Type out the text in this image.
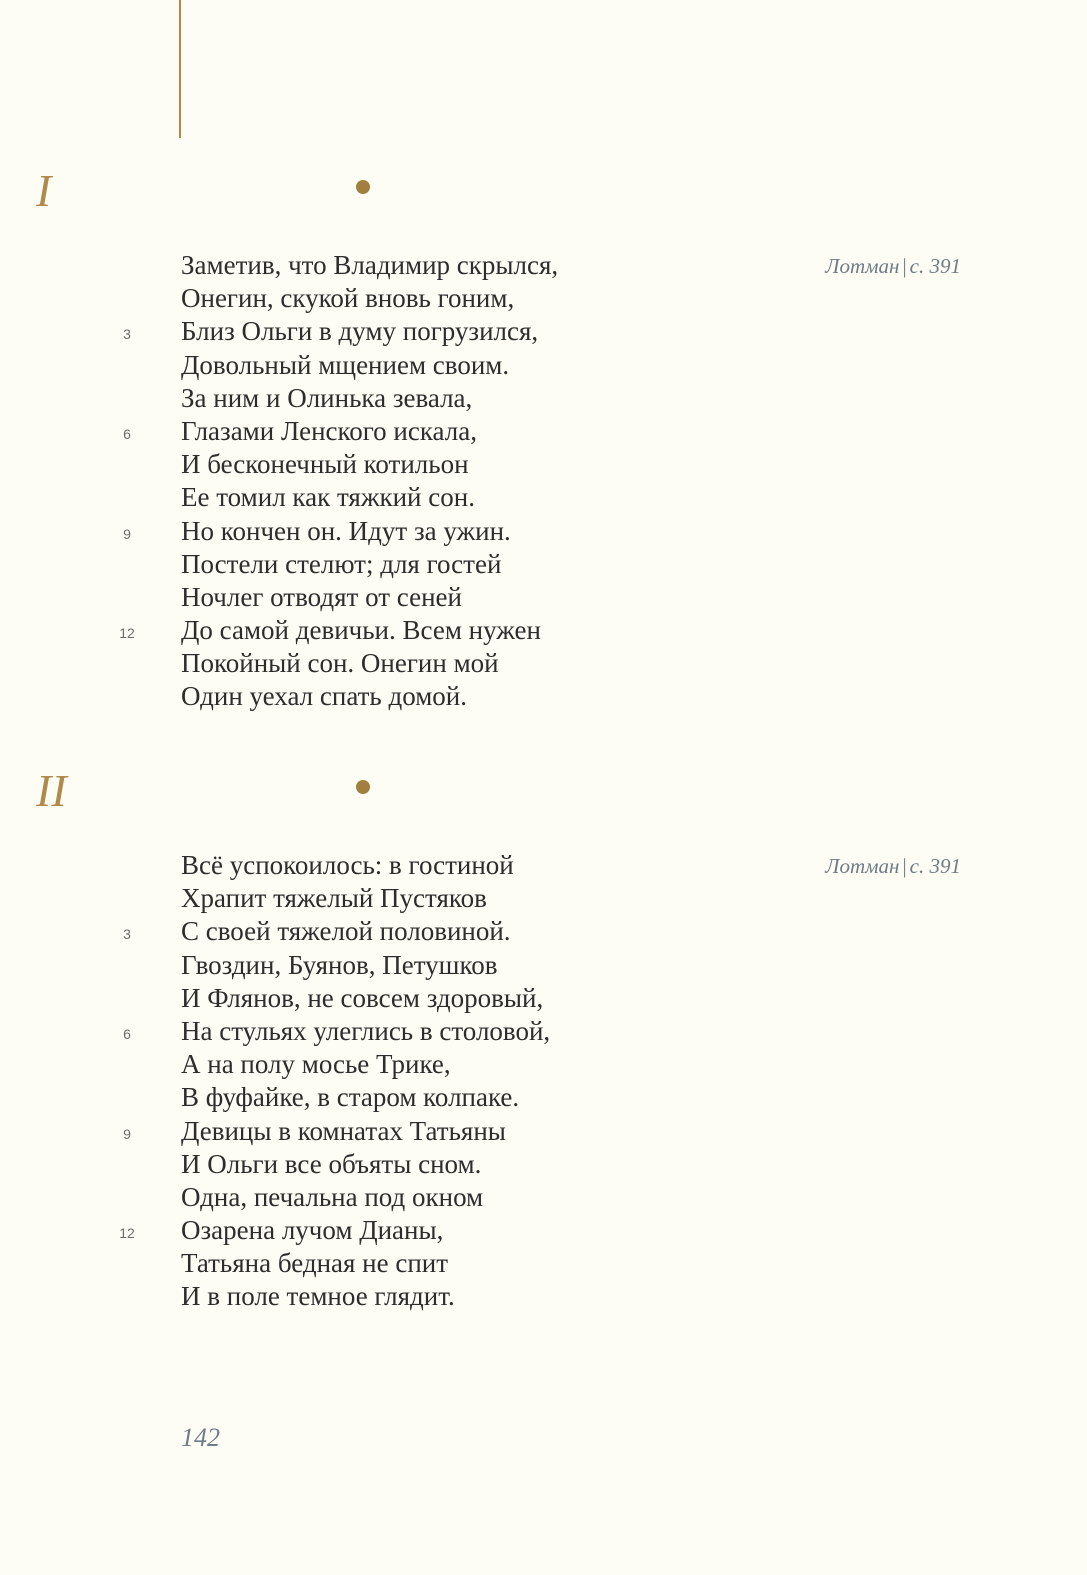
I
Лотман | с. 391
Заметив, что Владимир скрылся,
Онегин, скукой вновь гоним,
3	Близ Ольги в думу погрузился,
Довольный мщением своим.
За ним и Олинька зевала,
6	Глазами Ленского искала,
И бесконечный котильон
Ее томил как тяжкий сон.
9	Но кончен он. Идут за ужин.
Постели стелют; для гостей
Ночлег отводят от сеней
12	До самой девичьи. Всем нужен
Покойный сон. Онегин мой
Один уехал спать домой.
II
Лотман | с. 391
Всё успокоилось: в гостиной
Храпит тяжелый Пустяков
3	С своей тяжелой половиной.
Гвоздин, Буянов, Петушков
И Флянов, не совсем здоровый,
6	На стульях улеглись в столовой,
А на полу мосье Трике,
В фуфайке, в старом колпаке.
9	Девицы в комнатах Татьяны
И Ольги все объяты сном.
Одна, печальна под окном
12	Озарена лучом Дианы,
Татьяна бедная не спит
И в поле темное глядит.
142
